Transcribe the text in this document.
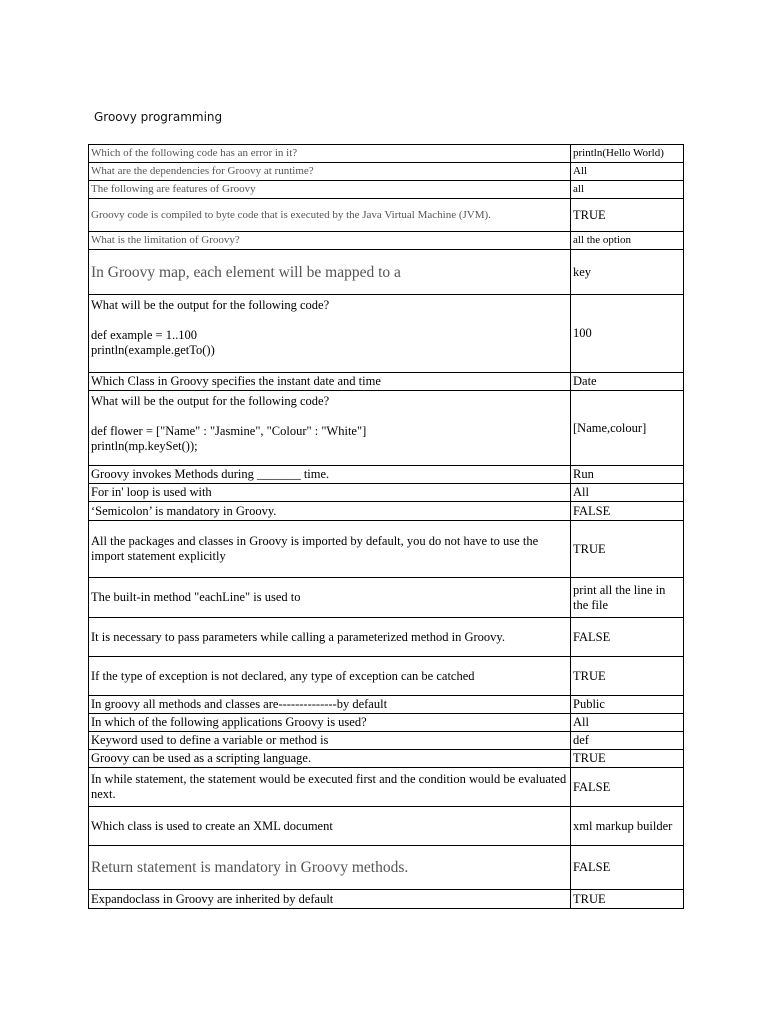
Groovy programming
Which of the following code has an error in it?	println(Hello World)
What are the dependencies for Groovy at runtime?	All
The following are features of Groovy	all
Groovy code is compiled to byte code that is executed by the Java Virtual Machine (JVM).	TRUE
What is the limitation of Groovy?	all the option
In Groovy map, each element will be mapped to a	key
What will be the output for the following code?

def example = 1..100
println(example.getTo())	100
Which Class in Groovy specifies the instant date and time	Date
What will be the output for the following code?

def flower = ["Name" : "Jasmine", "Colour" : "White"]
println(mp.keySet());	[Name,colour]
Groovy invokes Methods during _______ time.	Run
For in' loop is used with	All
‘Semicolon’ is mandatory in Groovy.	FALSE
All the packages and classes in Groovy is imported by default, you do not have to use the import statement explicitly	TRUE
The built-in method "eachLine" is used to	print all the line in the file
It is necessary to pass parameters while calling a parameterized method in Groovy.	FALSE
If the type of exception is not declared, any type of exception can be catched	TRUE
In groovy all methods and classes are--------------by default	Public
In which of the following applications Groovy is used?	All
Keyword used to define a variable or method is	def
Groovy can be used as a scripting language.	TRUE
In while statement, the statement would be executed first and the condition would be evaluated next.	FALSE
Which class is used to create an XML document	xml markup builder
Return statement is mandatory in Groovy methods.	FALSE
Expandoclass in Groovy are inherited by default	TRUE
